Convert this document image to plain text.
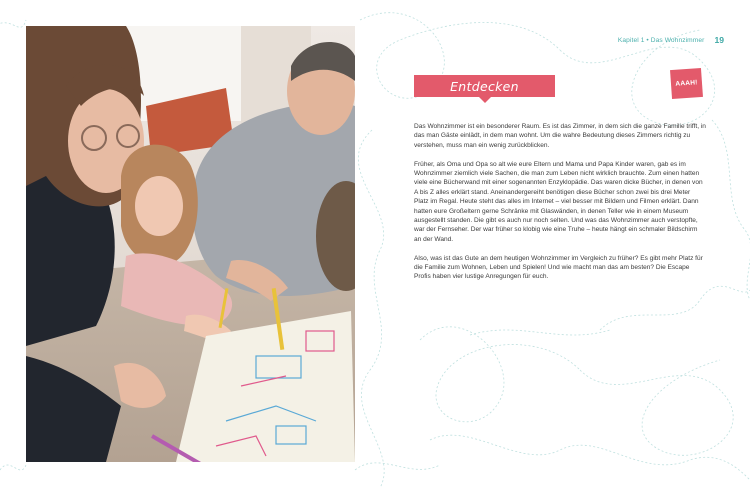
Kapitel 1 • Das Wohnzimmer 19
Entdecken	AAAH!

Das Wohnzimmer ist ein besonderer Raum. Es ist das Zimmer, in dem sich die ganze Familie trifft, in das man Gäste einlädt, in dem man wohnt. Um die wahre Bedeutung dieses Zimmers richtig zu verstehen, muss man ein wenig zurückblicken.

Früher, als Oma und Opa so alt wie eure Eltern und Mama und Papa Kinder waren, gab es im Wohnzimmer ziemlich viele Sachen, die man zum Leben nicht wirklich brauchte. Zum einen hatten viele eine Bücherwand mit einer sogenannten Enzyklopädie. Das waren dicke Bücher, in denen von A bis Z alles erklärt stand. Aneinandergereiht benötigen diese Bücher schon zwei bis drei Meter Platz im Regal. Heute steht das alles im Internet – viel besser mit Bildern und Filmen erklärt. Dann hatten eure Großeltern gerne Schränke mit Glaswänden, in denen Teller wie in einem Museum ausgestellt standen. Die gibt es auch nur noch selten. Und was das Wohnzimmer auch verstopfte, war der Fernseher. Der war früher so klobig wie eine Truhe – heute hängt ein schmaler Bildschirm an der Wand.

Also, was ist das Gute an dem heutigen Wohnzimmer im Vergleich zu früher? Es gibt mehr Platz für die Familie zum Wohnen, Leben und Spielen! Und wie macht man das am besten? Die Escape Profis haben vier lustige Anregungen für euch.
